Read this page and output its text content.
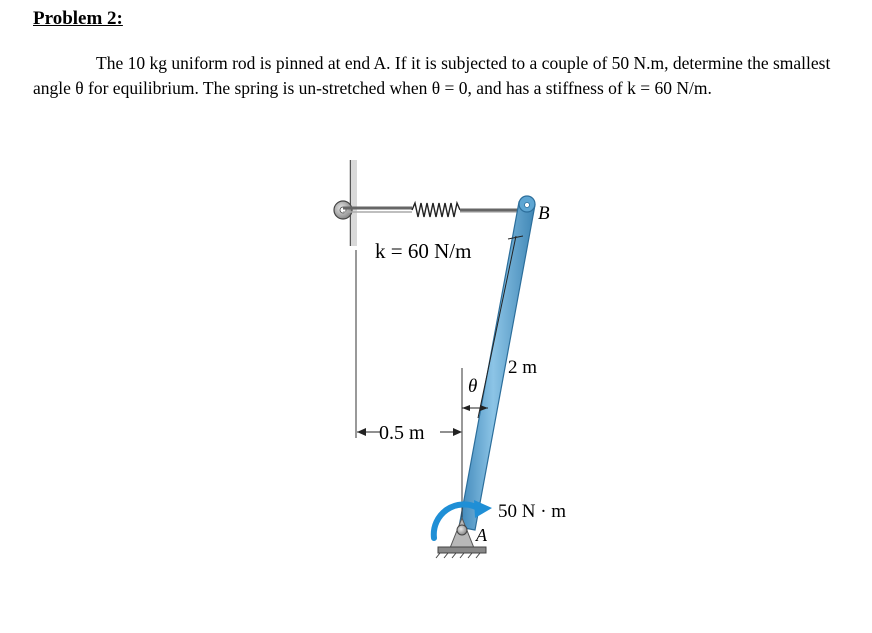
Problem 2:
The 10 kg uniform rod is pinned at end A. If it is subjected to a couple of 50 N.m, determine the smallest angle θ for equilibrium. The spring is un-stretched when θ = 0, and has a stiffness of k = 60 N/m.
B
k = 60 N/m
2 m
θ
0.5 m
50 N · m
A
